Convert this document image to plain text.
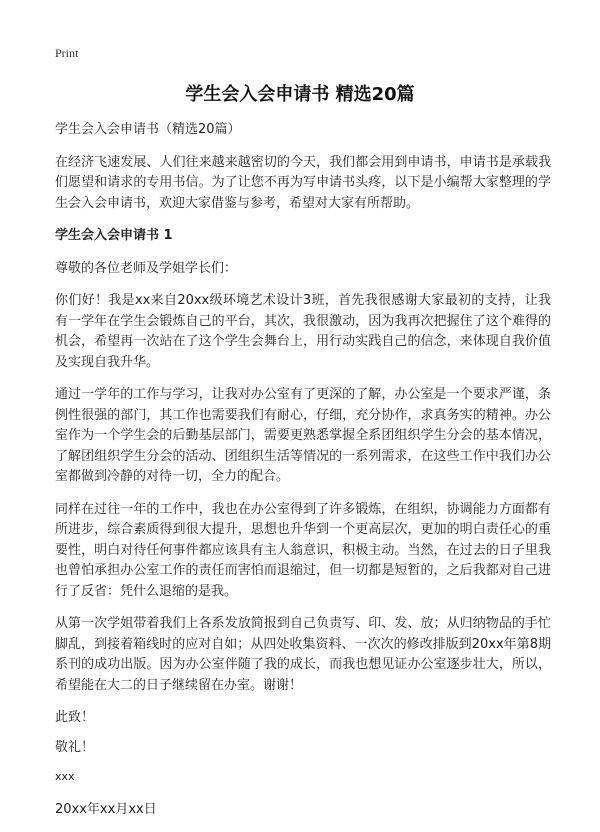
Print
学生会入会申请书 精选20篇

学生会入会申请书（精选20篇）

在经济飞速发展、人们往来越来越密切的今天，我们都会用到申请书，申请书是承载我们愿望和请求的专用书信。为了让您不再为写申请书头疼，以下是小编帮大家整理的学生会入会申请书，欢迎大家借鉴与参考，希望对大家有所帮助。

学生会入会申请书 1

尊敬的各位老师及学姐学长们：

你们好！我是xx来自20xx级环境艺术设计3班，首先我很感谢大家最初的支持，让我有一学年在学生会锻炼自己的平台，其次，我很激动，因为我再次把握住了这个难得的机会，希望再一次站在了这个学生会舞台上，用行动实践自己的信念，来体现自我价值及实现自我升华。

通过一学年的工作与学习，让我对办公室有了更深的了解，办公室是一个要求严谨，条例性很强的部门，其工作也需要我们有耐心，仔细，充分协作，求真务实的精神。办公室作为一个学生会的后勤基层部门，需要更熟悉掌握全系团组织学生分会的基本情况，了解团组织学生分会的活动、团组织生活等情况的一系列需求，在这些工作中我们办公室都做到冷静的对待一切，全力的配合。

同样在过往一年的工作中，我也在办公室得到了许多锻炼，在组织，协调能力方面都有所进步，综合素质得到很大提升，思想也升华到一个更高层次，更加的明白责任心的重要性，明白对待任何事件都应该具有主人翁意识，积极主动。当然，在过去的日子里我也曾怕承担办公室工作的责任而害怕而退缩过，但一切都是短暂的，之后我都对自己进行了反省：凭什么退缩的是我。

从第一次学姐带着我们上各系发放简报到自己负责写、印、发、放；从归纳物品的手忙脚乱，到接着箱线时的应对自如；从四处收集资料、一次次的修改排版到20xx年第8期系刊的成功出版。因为办公室伴随了我的成长，而我也想见证办公室逐步壮大，所以，希望能在大二的日子继续留在办室。谢谢！

此致！

敬礼！

xxx

20xx年xx月xx日
